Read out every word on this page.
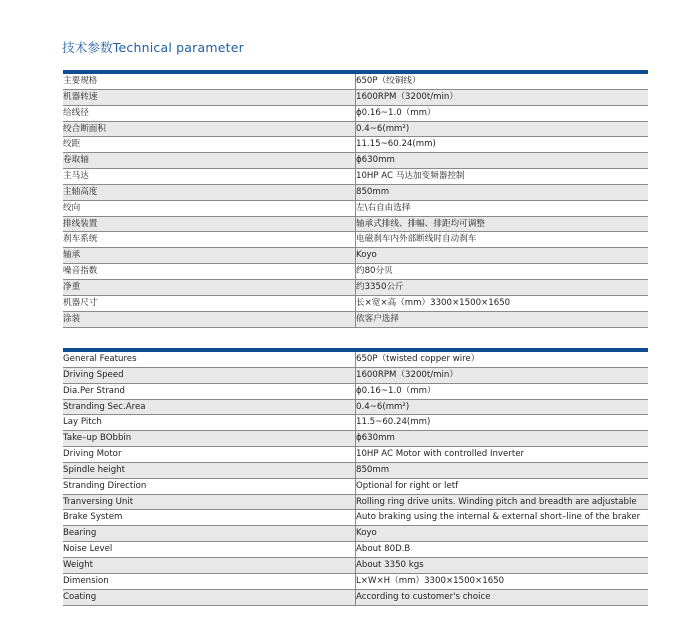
技术参数Technical parameter

主要规格	650P（绞铜线）
机器转速	1600RPM（3200t/min）
给线径	ϕ0.16~1.0（mm）
绞合断面积	0.4~6(mm²)
绞距	11.15~60.24(mm)
卷取轴	ϕ630mm
主马达	10HP AC 马达加变频器控制
主轴高度	850mm
绞向	左\右自由选择
排线装置	轴承式排线、排幅、排距均可调整
刹车系统	电磁刹车内外部断线时自动刹车
轴承	Koyo
噪音指数	约80分贝
净重	约3350公斤
机器尺寸	长×宽×高（mm）3300×1500×1650
涂装	依客户选择

General Features	650P（twisted copper wire）
Driving Speed	1600RPM（3200t/min）
Dia.Per Strand	ϕ0.16~1.0（mm）
Stranding Sec.Area	0.4~6(mm²)
Lay Pitch	11.5~60.24(mm)
Take–up BObbin	ϕ630mm
Driving Motor	10HP AC Motor with controlled Inverter
Spindle height	850mm
Stranding Direction	Optional for right or letf
Tranversing Unit	Rolling ring drive units. Winding pitch and breadth are adjustable
Brake System	Auto braking using the internal & external short–line of the braker
Bearing	Koyo
Noise Level	About 80D.B
Weight	About 3350 kgs
Dimension	L×W×H（mm）3300×1500×1650
Coating	According to customer's choice
